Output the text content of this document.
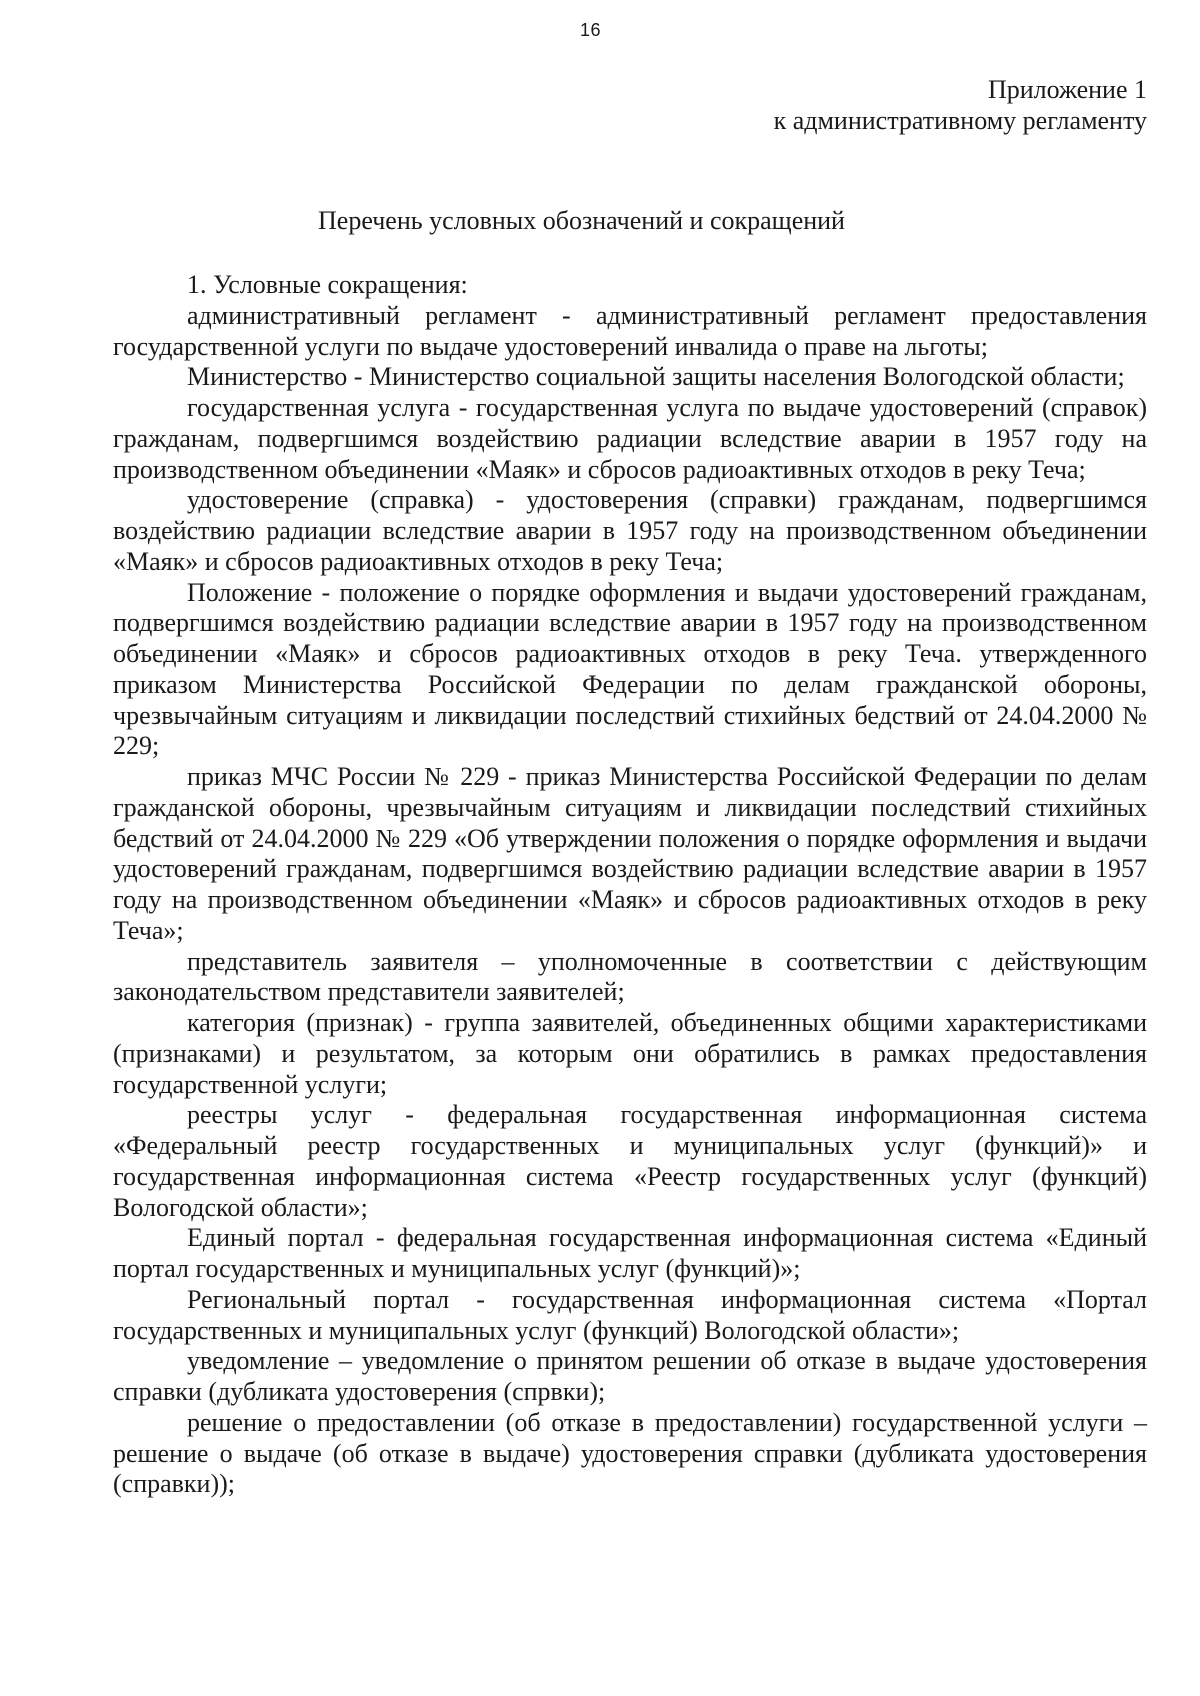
16
Приложение 1
к административному регламенту
Перечень условных обозначений и сокращений

1. Условные сокращения:

административный регламент - административный регламент предоставления государственной услуги по выдаче удостоверений инвалида о праве на льготы;

Министерство - Министерство социальной защиты населения Вологодской области;

государственная услуга - государственная услуга по выдаче удостоверений (справок) гражданам, подвергшимся воздействию радиации вследствие аварии в 1957 году на производственном объединении «Маяк» и сбросов радиоактивных отходов в реку Теча;

удостоверение (справка) - удостоверения (справки) гражданам, подвергшимся воздействию радиации вследствие аварии в 1957 году на производственном объединении «Маяк» и сбросов радиоактивных отходов в реку Теча;

Положение - положение о порядке оформления и выдачи удостоверений гражданам, подвергшимся воздействию радиации вследствие аварии в 1957 году на производственном объединении «Маяк» и сбросов радиоактивных отходов в реку Теча. утвержденного приказом Министерства Российской Федерации по делам гражданской обороны, чрезвычайным ситуациям и ликвидации последствий стихийных бедствий от 24.04.2000 № 229;

приказ МЧС России № 229 - приказ Министерства Российской Федерации по делам гражданской обороны, чрезвычайным ситуациям и ликвидации последствий стихийных бедствий от 24.04.2000 № 229 «Об утверждении положения о порядке оформления и выдачи удостоверений гражданам, подвергшимся воздействию радиации вследствие аварии в 1957 году на производственном объединении «Маяк» и сбросов радиоактивных отходов в реку Теча»;

представитель заявителя – уполномоченные в соответствии с действующим законодательством представители заявителей;

категория (признак) - группа заявителей, объединенных общими характеристиками (признаками) и результатом, за которым они обратились в рамках предоставления государственной услуги;

реестры услуг - федеральная государственная информационная система «Федеральный реестр государственных и муниципальных услуг (функций)» и государственная информационная система «Реестр государственных услуг (функций) Вологодской области»;

Единый портал - федеральная государственная информационная система «Единый портал государственных и муниципальных услуг (функций)»;

Региональный портал - государственная информационная система «Портал государственных и муниципальных услуг (функций) Вологодской области»;

уведомление – уведомление о принятом решении об отказе в выдаче удостоверения справки (дубликата удостоверения (спрвки);

решение о предоставлении (об отказе в предоставлении) государственной услуги – решение о выдаче (об отказе в выдаче) удостоверения справки (дубликата удостоверения (справки));
